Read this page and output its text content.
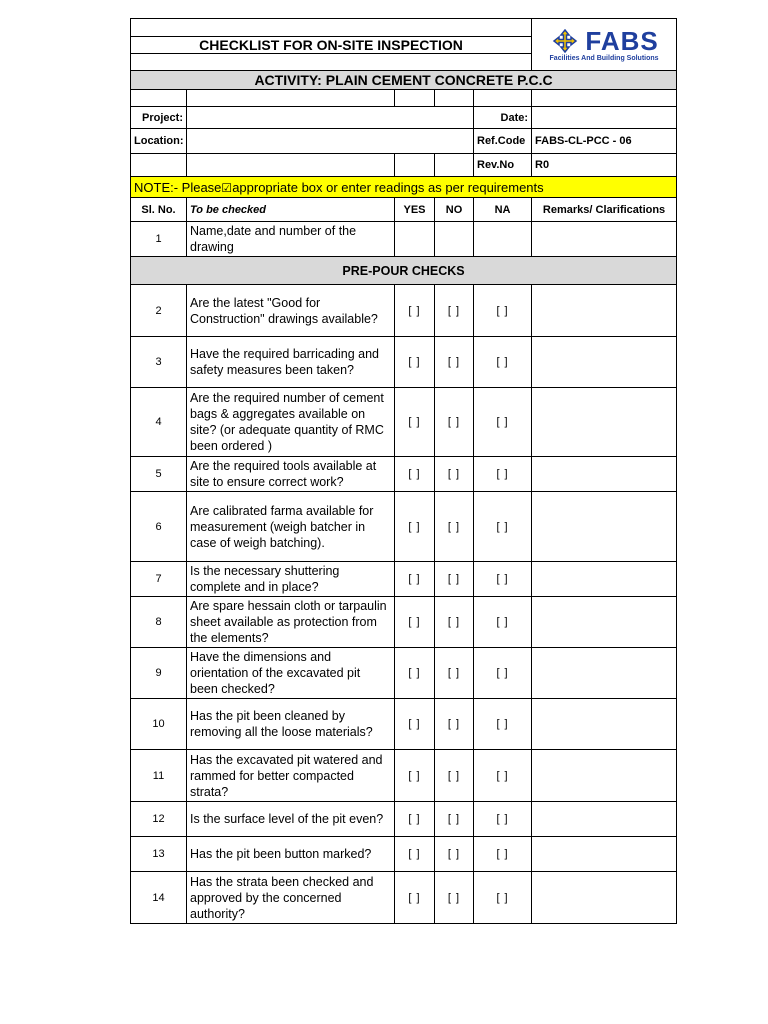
					FABS
Facilities And Building Solutions

CHECKLIST FOR ON-SITE INSPECTION					

ACTIVITY: PLAIN CEMENT CONCRETE P.C.C					

Project:				Date:	
Location:				Ref.Code	FABS-CL-PCC - 06
				Rev.No	R0
NOTE:- Please☑appropriate box or enter readings as per requirements					
Sl. No.	To be checked	YES	NO	NA	Remarks/ Clarifications
1	Name,date and number of the drawing				
PRE-POUR CHECKS					
2	Are the latest "Good for Construction" drawings available?	[ ]	[ ]	[ ]	
3	Have the required barricading and safety measures been taken?	[ ]	[ ]	[ ]	
4	Are the required number of cement bags & aggregates available on site? (or adequate quantity of RMC been ordered )	[ ]	[ ]	[ ]	
5	Are the required tools available at site to ensure correct work?	[ ]	[ ]	[ ]	
6	Are calibrated farma available for measurement (weigh batcher in case of weigh batching).	[ ]	[ ]	[ ]	
7	Is the necessary shuttering complete and in place?	[ ]	[ ]	[ ]	
8	Are spare hessain cloth or tarpaulin sheet available as protection from the elements?	[ ]	[ ]	[ ]	
9	Have the dimensions and orientation of the excavated pit been checked?	[ ]	[ ]	[ ]	
10	Has the pit been cleaned by removing all the loose materials?	[ ]	[ ]	[ ]	
11	Has the excavated pit watered and rammed for better compacted strata?	[ ]	[ ]	[ ]	
12	Is the surface level of the pit even?	[ ]	[ ]	[ ]	
13	Has the pit been button marked?	[ ]	[ ]	[ ]	
14	Has the strata been checked and approved by the concerned authority?	[ ]	[ ]	[ ]	
